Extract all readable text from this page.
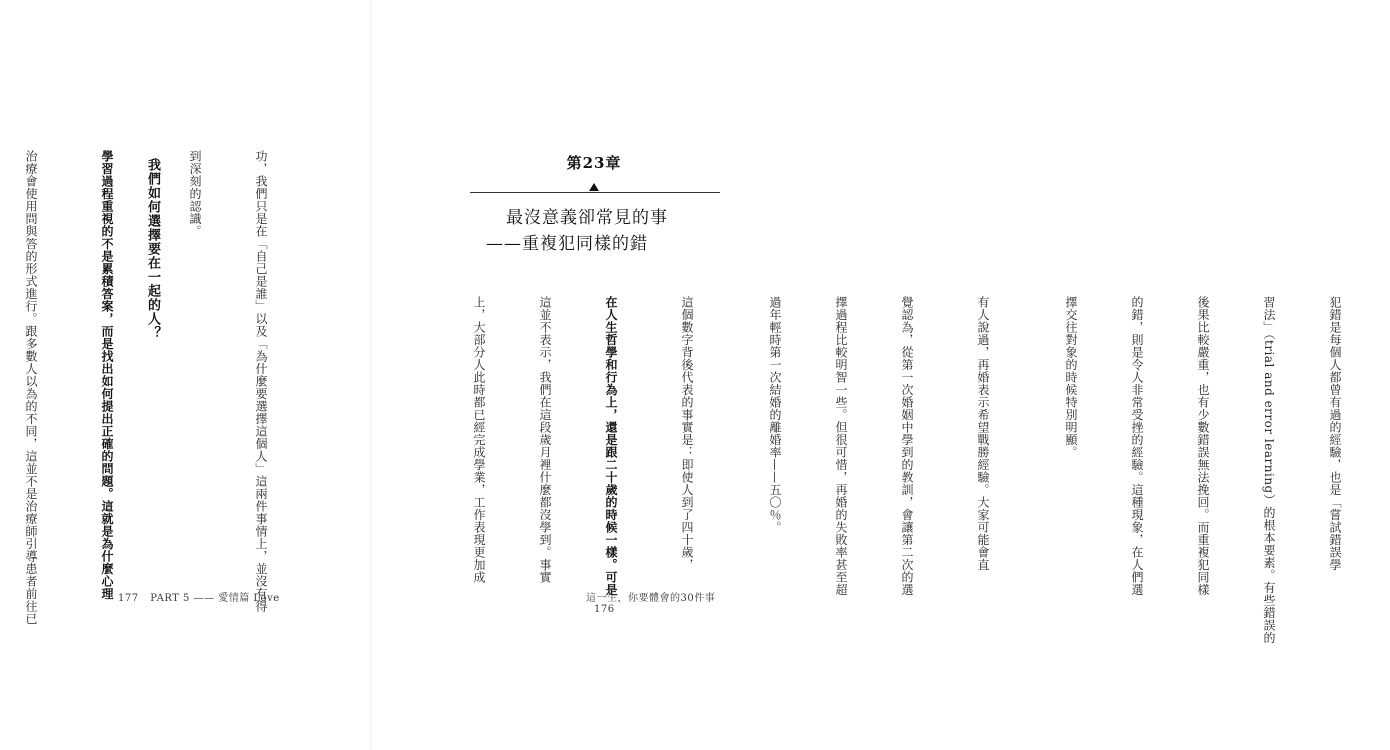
功，我們只是在「自己是誰」以及「為什麼要選擇這個人」這兩件事情上，並沒有得

到深刻的認識。

學習過程重視的不是累積答案，而是找出如何提出正確的問題。這就是為什麼心理

治療會使用問與答的形式進行。跟多數人以為的不同，這並不是治療師引導患者前往已

	我們如何選擇要在一起的人？
177 PART 5 —— 愛情篇 Love
第23章
最沒意義卻常見的事
——重複犯同樣的錯

犯錯是每個人都曾有過的經驗，也是「嘗試錯誤學

習法」（trial and error learning）的根本要素。有些錯誤的

後果比較嚴重，也有少數錯誤無法挽回。而重複犯同樣

的錯，則是令人非常受挫的經驗。這種現象，在人們選

擇交往對象的時候特別明顯。

有人說過，再婚表示希望戰勝經驗。大家可能會直

覺認為，從第一次婚姻中學到的教訓，會讓第二次的選

擇過程比較明智一些。但很可惜，再婚的失敗率甚至超

過年輕時第一次結婚的離婚率——五〇％。

這個數字背後代表的事實是：即使人到了四十歲，

在人生哲學和行為上，還是跟二十歲的時候一樣。可是

這並不表示，我們在這段歲月裡什麼都沒學到。事實

上，大部分人此時都已經完成學業，工作表現更加成

這一生，你要體會的30件事 176
